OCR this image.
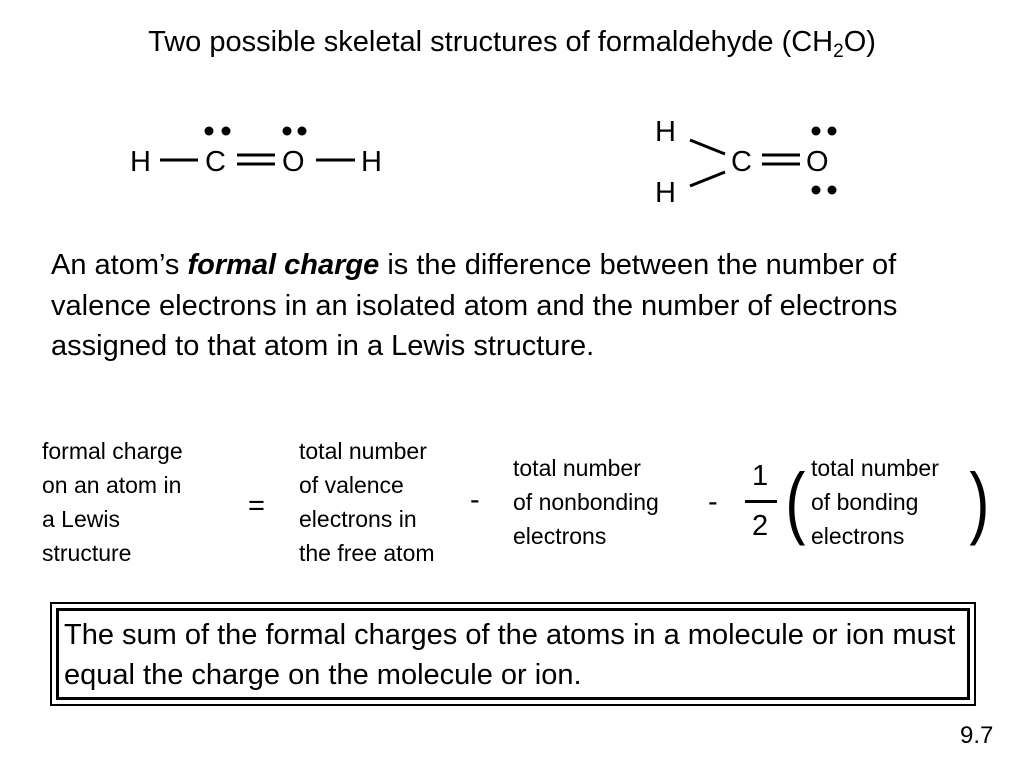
Two possible skeletal structures of formaldehyde $(CH_2O)$
H C O H
H
C O
H
An atom’s formal charge is the difference between the number of valence electrons in an isolated atom and the number of electrons assigned to that atom in a Lewis structure.
formal charge
on an atom in
a Lewis
structure
=
total number
of valence
electrons in
the free atom
-
total number
of nonbonding
electrons
-
1
2 ( total number
of bonding
electrons )
The sum of the formal charges of the atoms in a molecule or ion must equal the charge on the molecule or ion.
9.7
